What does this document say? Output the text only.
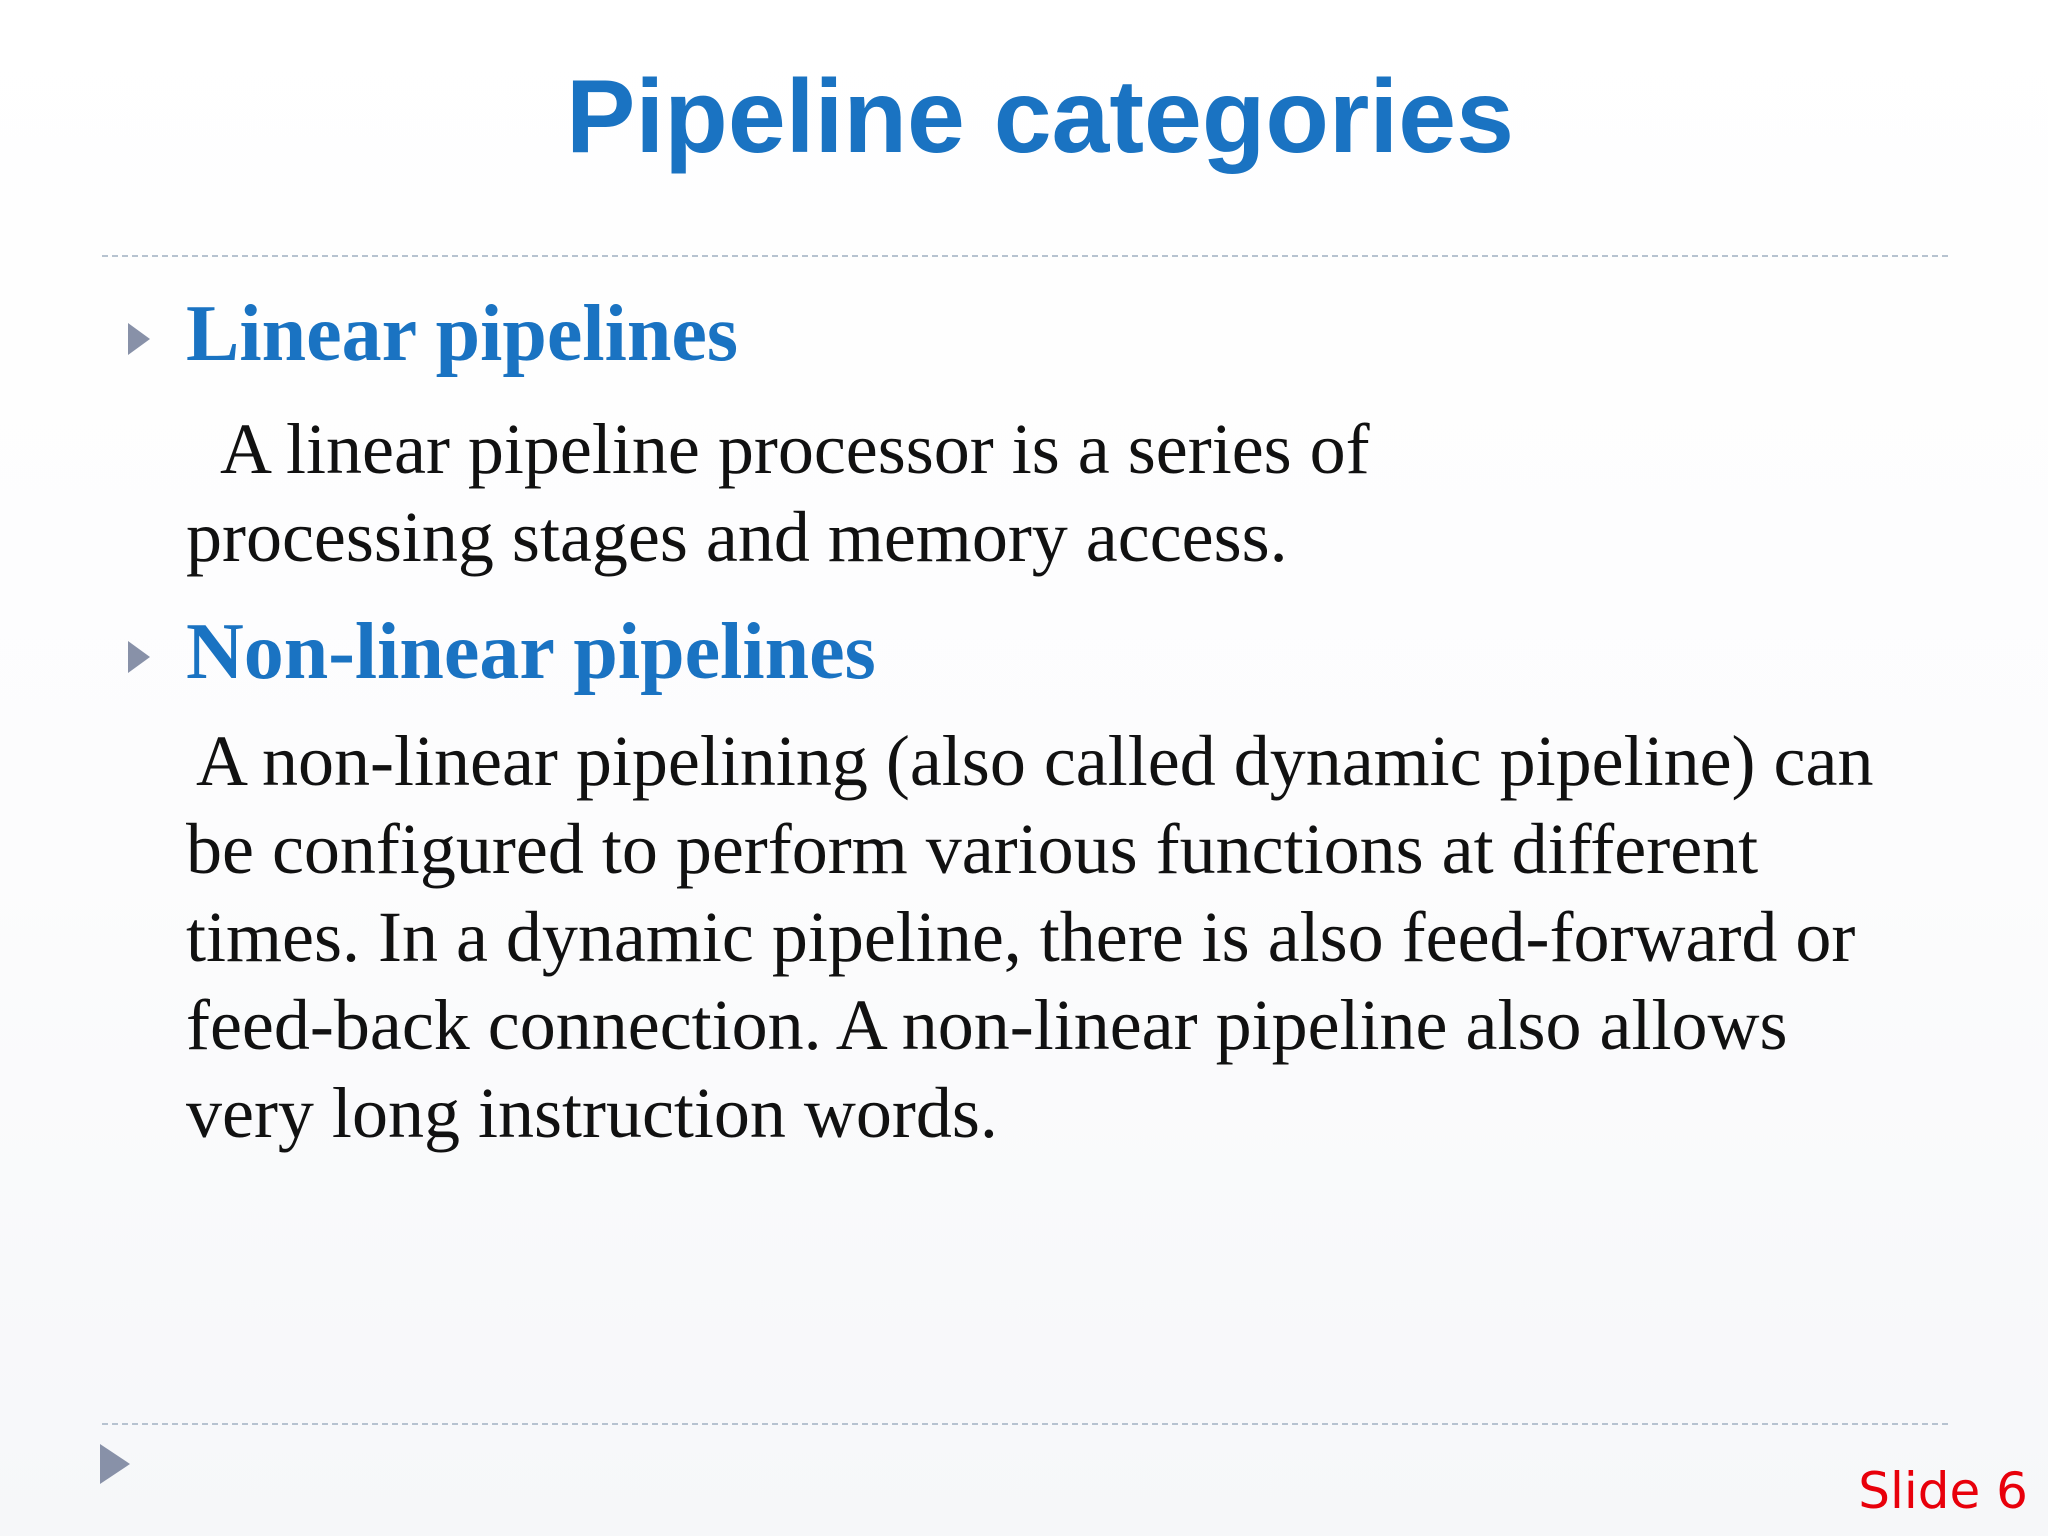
Pipeline categories
Linear pipelines
A linear pipeline processor is a series of
processing stages and memory access.
Non-linear pipelines
A non-linear pipelining (also called dynamic pipeline) can
be configured to perform various functions at different
times. In a dynamic pipeline, there is also feed-forward or
feed-back connection. A non-linear pipeline also allows
very long instruction words.
Slide 6
